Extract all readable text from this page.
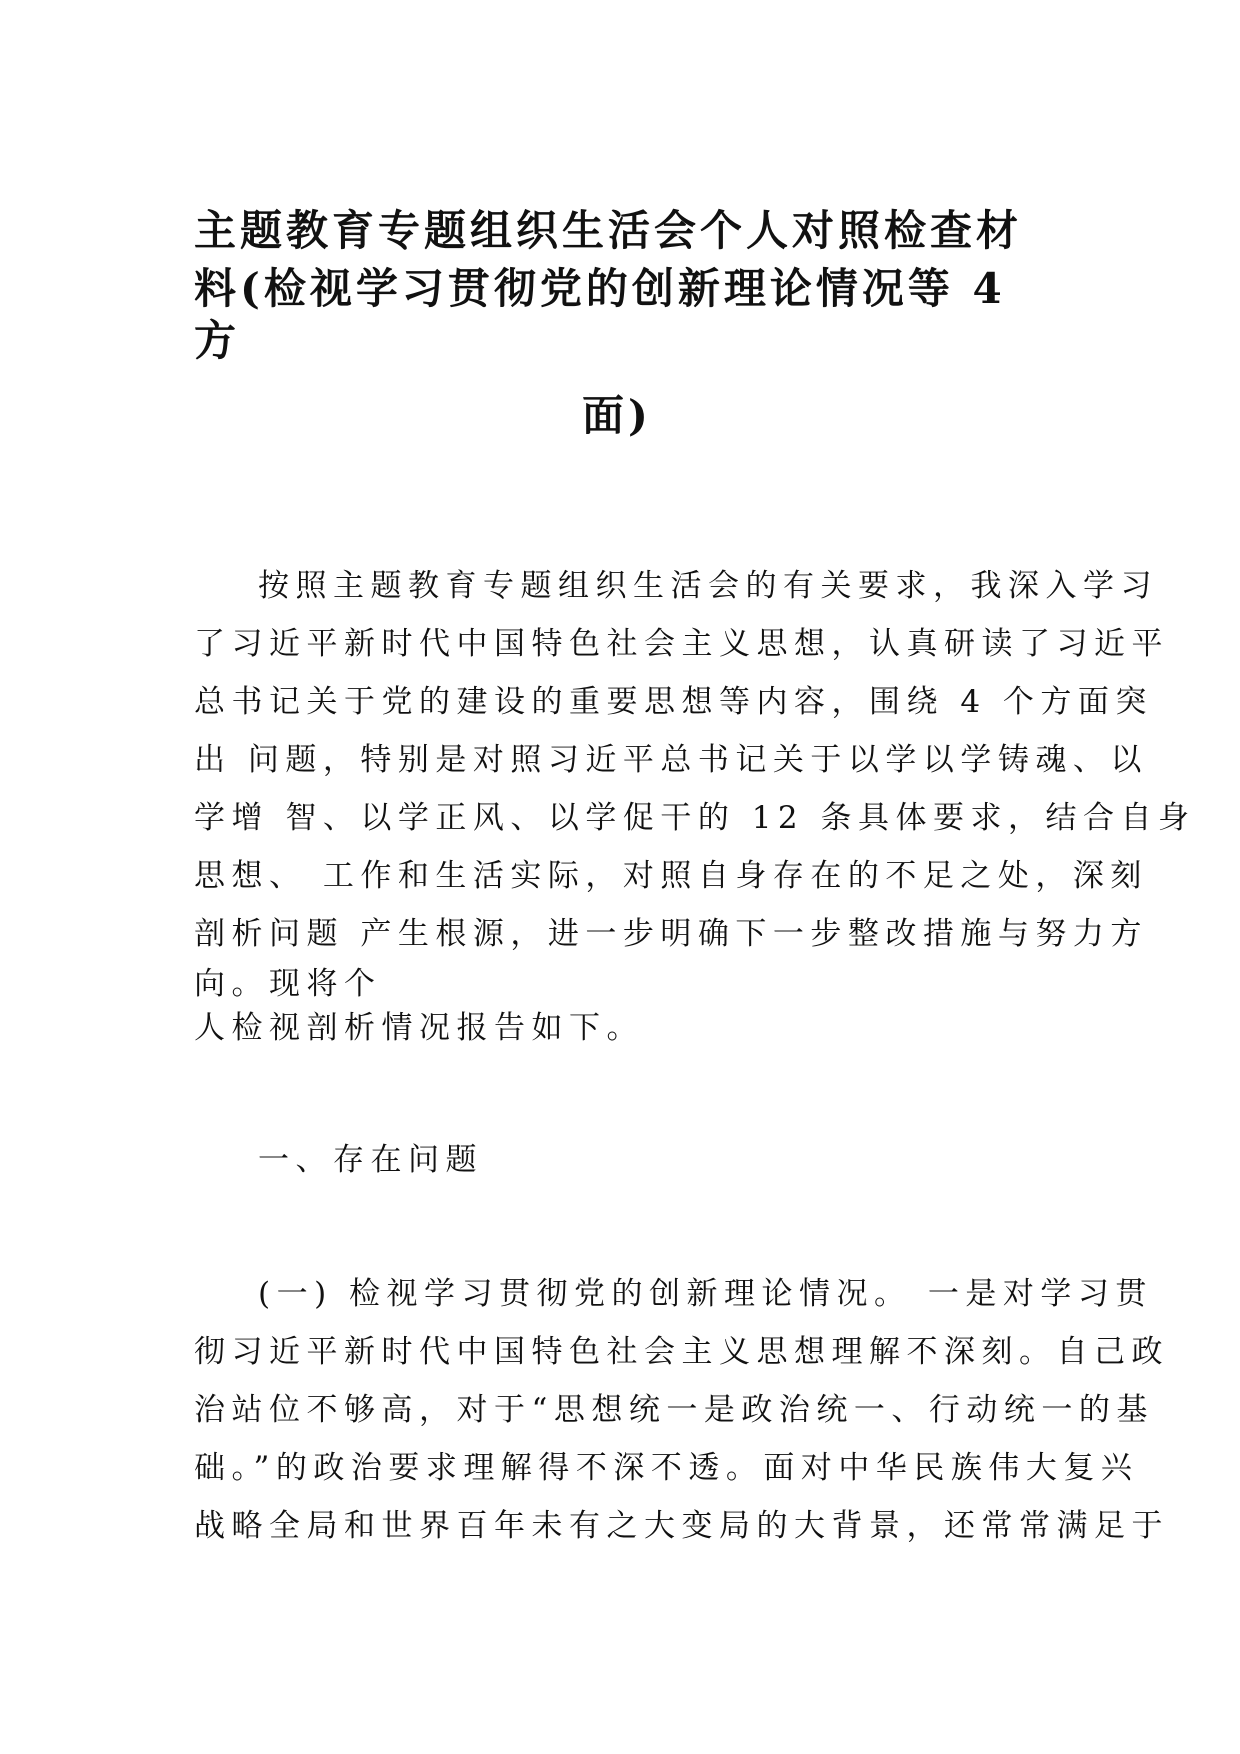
主题教育专题组织生活会个人对照检查材
料(检视学习贯彻党的创新理论情况等 4
方
面)
按照主题教育专题组织生活会的有关要求，我深入学习
了习近平新时代中国特色社会主义思想，认真研读了习近平
总书记关于党的建设的重要思想等内容，围绕 4 个方面突
出 问题，特别是对照习近平总书记关于以学以学铸魂、以
学增 智、以学正风、以学促干的 12 条具体要求，结合自身
思想、 工作和生活实际，对照自身存在的不足之处，深刻
剖析问题 产生根源，进一步明确下一步整改措施与努力方
向。现将个
人检视剖析情况报告如下。
一、存在问题
(一) 检视学习贯彻党的创新理论情况。 一是对学习贯
彻习近平新时代中国特色社会主义思想理解不深刻。自己政
治站位不够高，对于“思想统一是政治统一、行动统一的基
础。”的政治要求理解得不深不透。面对中华民族伟大复兴
战略全局和世界百年未有之大变局的大背景，还常常满足于
